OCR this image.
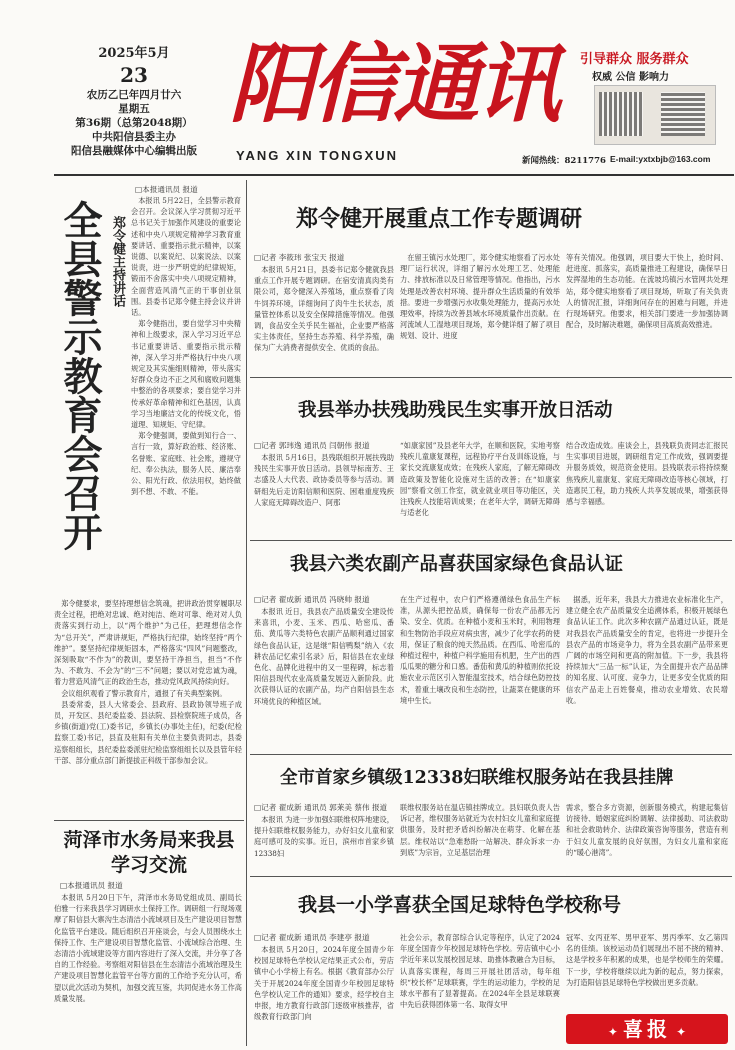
2025年5月
23
农历乙巳年四月廿六
星期五
第36期（总第2048期）
中共阳信县委主办
阳信县融媒体中心编辑出版
阳信通讯
YANG XIN TONGXUN
引导群众 服务群众
权威 公信 影响力
新闻热线：8211776 E-mail:yxtxbjb@163.com
全县警示教育会召开 郑令健主持讲话
□本报通讯员 报道

本报讯 5月22日，全县警示教育会召开。会议深入学习贯彻习近平总书记关于加强作风建设的重要论述和中央八项规定精神学习教育重要讲话、重要指示批示精神，以案说德、以案说纪、以案说法、以案说责，进一步严明党的纪律规矩，锻而不舍落实中央八项规定精神，全面营造风清气正的干事创业氛围。县委书记郑令健主持会议并讲话。

郑令健指出，要自觉学习中央精神和上级要求，深入学习习近平总书记重要讲话、重要指示批示精神，深入学习并严格执行中央八项规定及其实施细则精神，带头落实好群众身边不正之风和腐败问题集中整治的各项要求；要自觉学习并传承好革命精神和红色基因，认真学习当地廉洁文化的传统文化，悟道理、知规矩、守纪律。

郑令健强调，要做到知行合一、言行一致，算好政治账、经济账、名誉账、家庭账、社会账，遵规守纪、奉公执法，服务人民、廉洁奉公、阳光行政、依法用权，始终做到不想、不敢、不能。

郑令健要求，要坚持理想信念筑魂，把讲政治贯穿履职尽责全过程，把绝对忠诚、绝对纯洁、绝对可靠、绝对对人负责落实到行动上，以“两个维护”为己任，把理想信念作为“总开关”，严肃讲规矩，严格执行纪律，始终坚持“两个维护”。要坚持纪律规矩固本，严格落实“四风”问题整改，深刻吸取“不作为”的教训，要坚持干净担当，担当“不作为、不敢为、不会为”的“三不”问题；要以对党忠诚为魂，着力营造风清气正的政治生态，推动党风政风持续向好。

会议组织观看了警示教育片，通报了有关典型案例。

县委常委，县人大常委会、县政府、县政协领导班子成员，开发区、县纪委监委、县法院、县检察院班子成员，各乡镇(街道)党(工)委书记，乡镇长(办事处主任)，纪委(纪检监察工委)书记，县直及驻阳有关单位主要负责同志，县委巡察组组长，县纪委监委派驻纪检监察组组长以及县管年轻干部、部分重点部门新提拔正科级干部参加会议。

菏泽市水务局来我县学习交流
□本报通讯员 报道
本报讯 5月20日下午，菏泽市水务局党组成员、副局长伯雅一行来我县学习调研水土保持工作。调研组一行现场观摩了阳信县大寨沟生态清洁小流域项目及生产建设项目智慧化监管平台建设。随后组织召开座谈会，与会人员围绕水土保持工作、生产建设项目智慧化监管、小流域综合治理、生态清洁小流域建设等方面内容进行了深入交流，并分享了各自的工作经验。考察组对阳信县在生态清洁小流域治理及生产建设项目智慧化监管平台等方面的工作给予充分认可，希望以此次活动为契机，加强交流互鉴，共同促进水务工作高质量发展。
郑令健开展重点工作专题调研
□记者 李筱玮 张宝天 报道
本报讯 5月21日，县委书记郑令健就我县重点工作开展专题调研。在宿安清真肉类有限公司，郑令健深入养殖场，重点察看了肉牛饲养环境，详细询问了肉牛生长状态，质量管控体系以及安全保障措施等情况。他强调，食品安全关乎民生福祉，企业要严格落实主体责任，坚持生态养殖、科学养殖，确保为广大消费者提供安全、优质的食品。
在留王镇污水处理厂，郑令健实地察看了污水处理厂运行状况，详细了解污水处理工艺、处理能力、排放标准以及日常管理等情况。他指出，污水处理是改善农村环境、提升群众生活质量的有效举措。要进一步增强污水收集处理能力，提高污水处理效率，持续为改善县域水环境质量作出贡献。在河流域人工湿地项目现场，郑令健详细了解了项目规划、设计、进度
等有关情况。他强调，项目要大干快上，抢时间、赶进度、抓落实，高质量推进工程建设，确保早日发挥湿地的生态功能。在流坡坞镇污水管网共处理站，郑令健实地察看了项目现场，听取了有关负责人的情况汇报，详细询问存在的困难与问题，并进行现场研究。他要求，相关部门要进一步加强协调配合，及时解决难题，确保项目高质高效推进。
我县举办扶残助残民生实事开放日活动
□记者 郭玮逸 通讯员 闫朝伟 报道
本报讯 5月16日，县残联组织开展扶残助残民生实事开放日活动。县领导标南芳、王志盛及人大代表、政协委员等参与活动。调研组先后走访阳信顺和医院、困难重度残疾人家庭无障碍改造户、阿那
“如康家园”及县老年大学，在顺和医院，实地考察残疾儿童康复课程，远程协疗平台及训练设施，与家长交流康复成效；在残疾人家庭，了解无障碍改造政策及智能化设施对生活的改善；在“如康家园”察看文创工作室，就业就业项目等功能区，关注残疾人技能培训成果；在老年大学，调研无障碍与适老化
结合改造成效。座谈会上，县残联负责同志汇报民生实事项目进展，调研组肯定工作成效，强调要提升服务质效，规范资金使用。县残联表示将持续聚焦残疾儿童康复、家庭无障碍改造等核心领域，打造惠民工程，助力残疾人共享发展成果，增强获得感与幸福感。
我县六类农副产品喜获国家绿色食品认证
□记者 翟成新 通讯员 冯晓帅 报道
本报讯 近日，我县农产品质量安全建设传来喜讯，小麦、玉米、西瓜、哈密瓜、番茄、黄瓜等六类特色农副产品顺利通过国家绿色食品认证，这是继“阳信鸭梨”纳入《农耕农品记忆索引名录》后，阳信县在农业绿色化、品牌化进程中的又一里程碑，标志着阳信县现代农业高质量发展迈入新阶段。此次获得认证的农副产品，均产自阳信县生态环境优良的种植区域。
在生产过程中，农户们严格遵循绿色食品生产标准，从源头把控品质，确保每一份农产品都无污染、安全、优质。在种植小麦和玉米时，利用物理和生物防治手段应对病虫害，减少了化学农药的使用，保证了粮食的纯天然品质。在西瓜、哈密瓜的种植过程中，种植户科学施用有机肥，生产出的西瓜瓜果的糖分和口感。番茄和黄瓜的种植则依托设施农业示范区引入智能温室技术，结合绿色防控技术，着重土壤改良和生态防控，让蔬菜在健康的环境中生长。
据悉，近年来，我县大力推进农业标准化生产，建立健全农产品质量安全追溯体系，积极开展绿色食品认证工作。此次多种农副产品通过认证，既是对我县农产品质量安全的肯定，也将进一步提升全县农产品的市场竞争力，将为全县农副产品带来更广阔的市场空间和更高的附加值。下一步，我县将持续加大“三品一标”认证，为全面提升农产品品牌的知名度、认可度、竞争力，让更多安全优质的阳信农产品走上百姓餐桌，推动农业增效、农民增收。
全市首家乡镇级12338妇联维权服务站在我县挂牌
□记者 翟成新 通讯员 郭莱美 蔡伟 报道
本报讯 为进一步加强妇联维权阵地建设，提升妇联维权服务能力，办好妇女儿童和家庭可感可及的实事。近日，滨州市首家乡镇12338妇
联维权服务站在温店镇挂牌成立。县妇联负责人告诉记者，维权服务站就近为农村妇女儿童和家庭提供服务，及时把矛盾纠纷解决在萌芽、化解在基层。维权站以“急难愁盼一站解决、群众诉求一办到底”为宗旨，立足基层治理
需求，整合多方资源，创新服务模式，构建起集信访接待、婚姻家庭纠纷调解、法律援助、司法救助和社会救助转介、法律政策咨询等服务，营造有利于妇女儿童发展的良好氛围，为妇女儿童和家庭的“暖心港湾”。
我县一小学喜获全国足球特色学校称号
□记者 翟成新 通讯员 李建亭 报道
本报讯 5月20日，2024年度全国青少年校园足球特色学校认定结果正式公布，劳店镇中心小学榜上有名。根据《教育部办公厅关于开展2024年度全国青少年校园足球特色学校认定工作的通知》要求，经学校自主申报，地方教育行政部门逐级审核推荐，省级教育行政部门向
社会公示，教育部综合认定等程序，认定了2024年度全国青少年校园足球特色学校。劳店镇中心小学近年来以发展校园足球、助推体教融合为目标，认真落实课程，每周三开展社团活动，每年组织“校长杯”足球联赛，学生的运动能力，学校的足球水平都有了显著提高。在2024年全县足球联赛中先后获得团体第一名、取得女甲
冠军、女丙亚军、男甲亚军、男丙季军、女乙第四名的佳绩。该校运动员们展现出不屈不挠的精神、这是学校多年积累的成果，也是学校师生的荣耀。下一步，学校将继续以此为新的起点，努力探索，为打造阳信县足球特色学校做出更多贡献。
✦ 喜报 ✦
